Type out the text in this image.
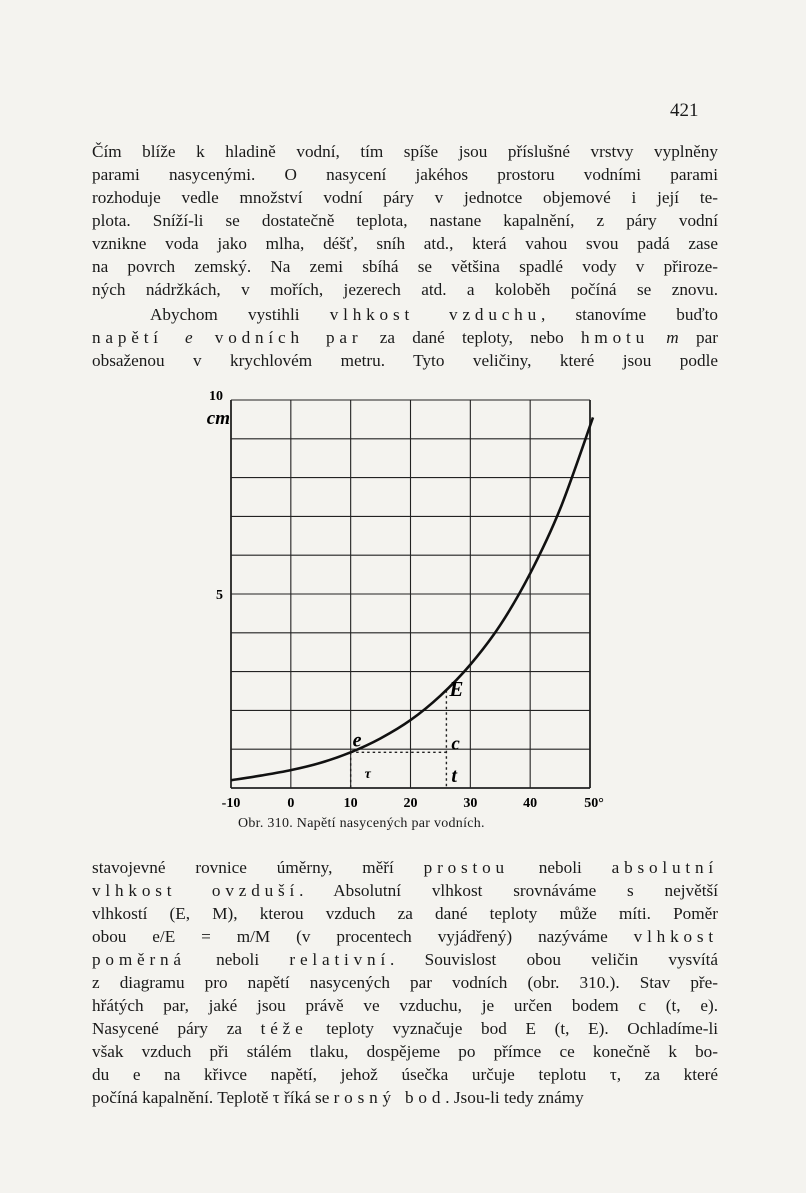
421
Čím blíže k hladině vodní, tím spíše jsou příslušné vrstvy vyplněny
parami nasycenými. O nasycení jakéhos prostoru vodními parami
rozhoduje vedle množství vodní páry v jednotce objemové i její te-
plota. Sníží-li se dostatečně teplota, nastane kapalnění, z páry vodní
vznikne voda jako mlha, déšť, sníh atd., která vahou svou padá zase
na povrch zemský. Na zemi sbíhá se většina spadlé vody v přiroze-
ných nádržkách, v mořích, jezerech atd. a koloběh počíná se znovu.
Abychom vystihli vlhkost vzduchu, stanovíme buďto
napětí e vodních par za dané teploty, nebo hmotu m par
obsaženou v krychlovém metru. Tyto veličiny, které jsou podle
10
5
-10	0	10	20	30	40	50°
cm
E
e	c
t
τ
Obr. 310. Napětí nasycených par vodních.
stavojevné rovnice úměrny, měří prostou neboli absolutní
vlhkost ovzduší. Absolutní vlhkost srovnáváme s největší
vlhkostí (E, M), kterou vzduch za dané teploty může míti. Poměr
obou e/E = m/M (v procentech vyjádřený) nazýváme vlhkost
poměrná neboli relativní. Souvislost obou veličin vysvítá
z diagramu pro napětí nasycených par vodních (obr. 310.). Stav pře-
hřátých par, jaké jsou právě ve vzduchu, je určen bodem c (t, e).
Nasycené páry za téže teploty vyznačuje bod E (t, E). Ochladíme-li
však vzduch při stálém tlaku, dospějeme po přímce ce konečně k bo-
du e na křivce napětí, jehož úsečka určuje teplotu τ, za které
počíná kapalnění. Teplotě τ říká se rosný bod. Jsou-li tedy známy
